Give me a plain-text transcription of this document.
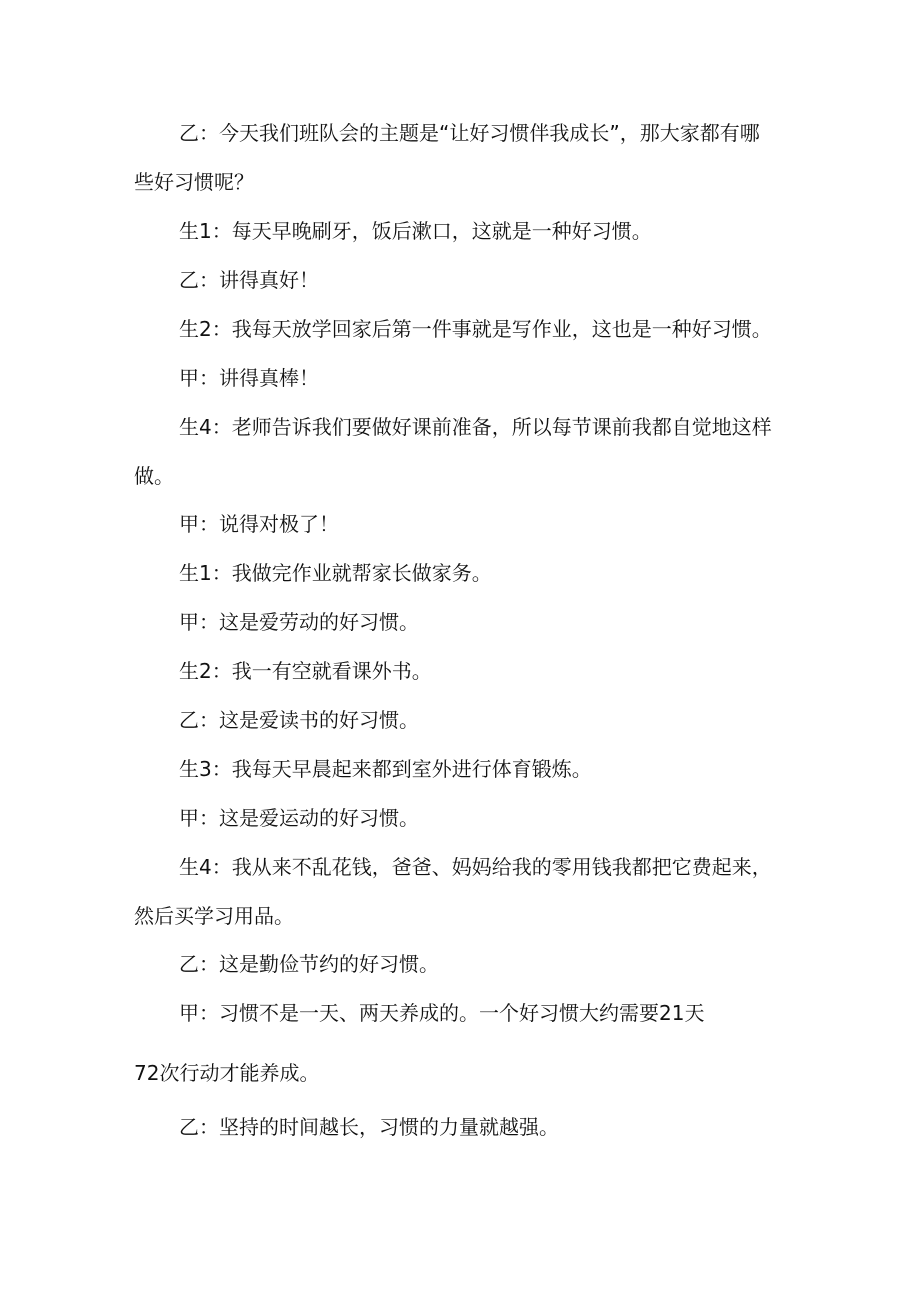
乙：今天我们班队会的主题是“让好习惯伴我成长”，那大家都有哪
些好习惯呢？
生1：每天早晚刷牙，饭后漱口，这就是一种好习惯。
乙：讲得真好！
生2：我每天放学回家后第一件事就是写作业，这也是一种好习惯。
甲：讲得真棒！
生4：老师告诉我们要做好课前准备，所以每节课前我都自觉地这样
做。
甲：说得对极了！
生1：我做完作业就帮家长做家务。
甲：这是爱劳动的好习惯。
生2：我一有空就看课外书。
乙：这是爱读书的好习惯。
生3：我每天早晨起来都到室外进行体育锻炼。
甲：这是爱运动的好习惯。
生4：我从来不乱花钱，爸爸、妈妈给我的零用钱我都把它费起来，
然后买学习用品。
乙：这是勤俭节约的好习惯。
甲：习惯不是一天、两天养成的。一个好习惯大约需要21天
72次行动才能养成。
乙：坚持的时间越长，习惯的力量就越强。
